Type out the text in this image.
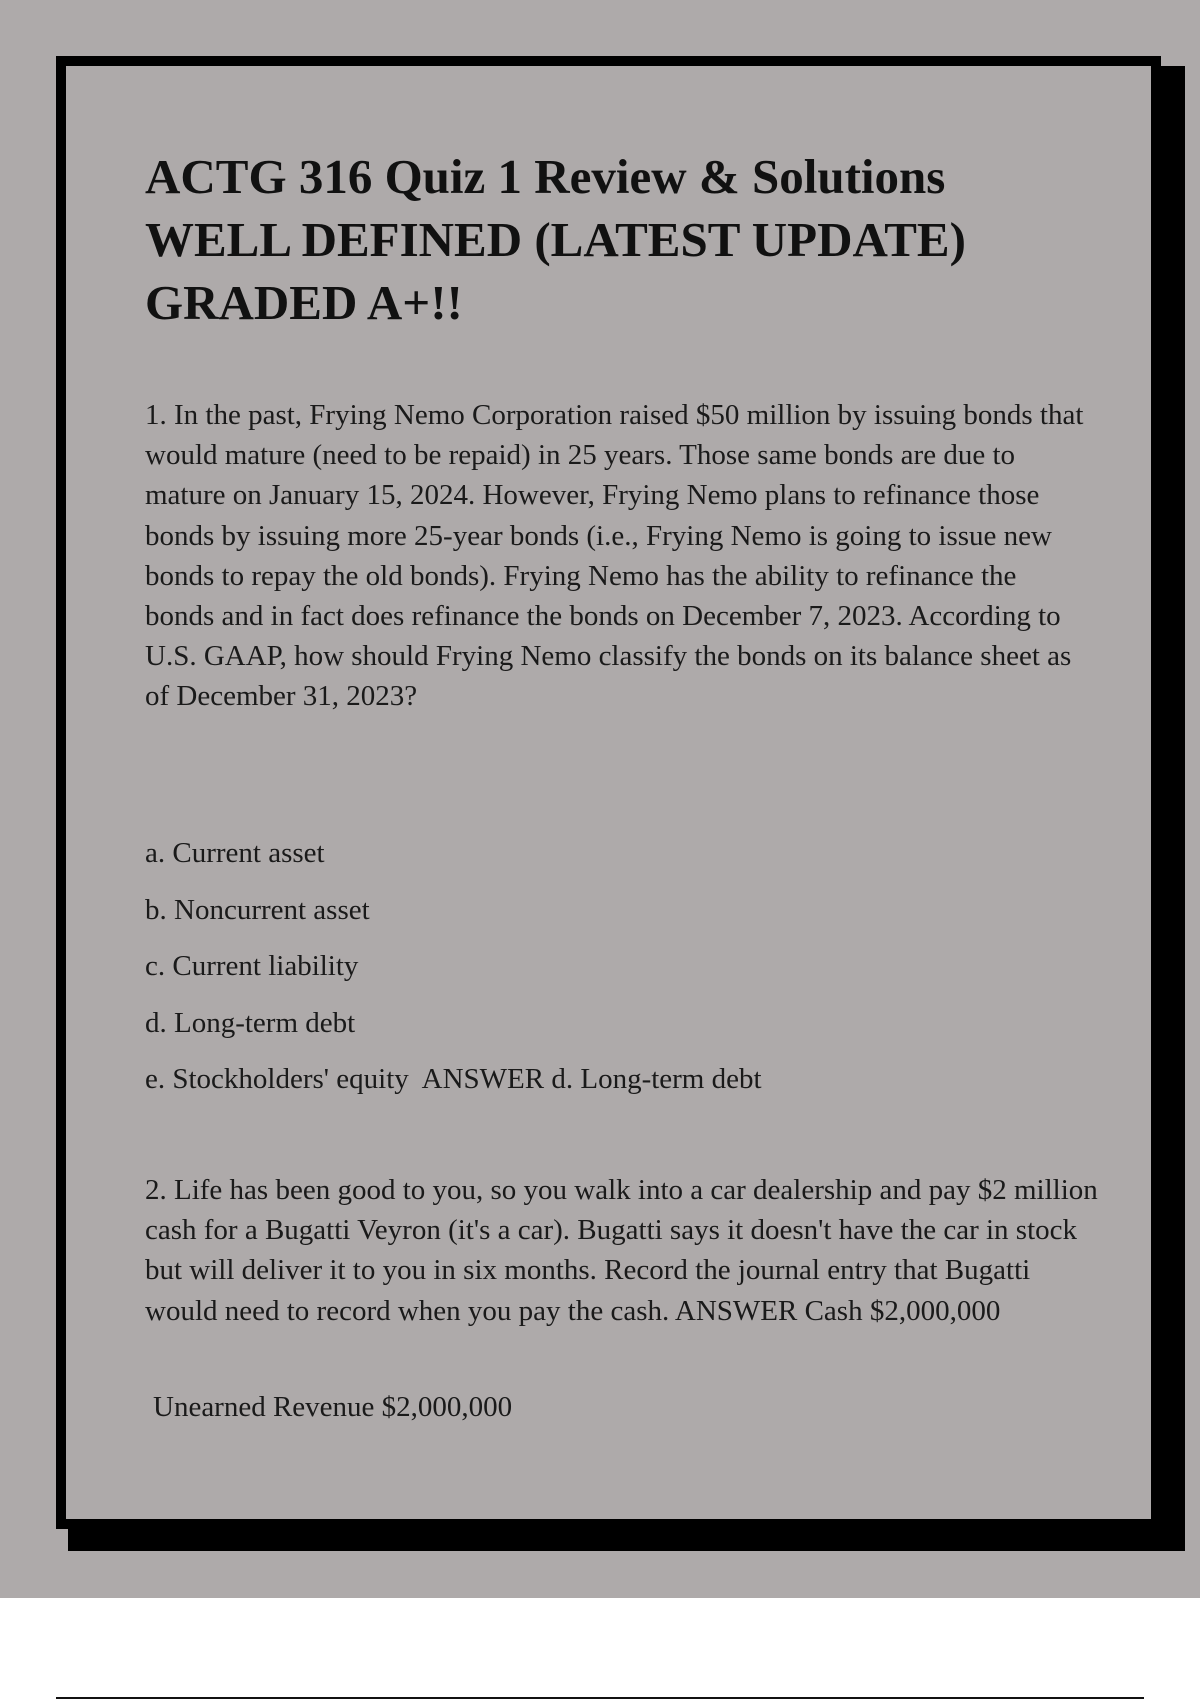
ACTG 316 Quiz 1 Review & Solutions
WELL DEFINED (LATEST UPDATE)
GRADED A+!!

1. In the past, Frying Nemo Corporation raised $50 million by issuing bonds that would mature (need to be repaid) in 25 years. Those same bonds are due to mature on January 15, 2024. However, Frying Nemo plans to refinance those bonds by issuing more 25-year bonds (i.e., Frying Nemo is going to issue new bonds to repay the old bonds). Frying Nemo has the ability to refinance the bonds and in fact does refinance the bonds on December 7, 2023. According to U.S. GAAP, how should Frying Nemo classify the bonds on its balance sheet as of December 31, 2023?

a. Current asset
b. Noncurrent asset
c. Current liability
d. Long-term debt
e. Stockholders' equity  ANSWER d. Long-term debt

2. Life has been good to you, so you walk into a car dealership and pay $2 million cash for a Bugatti Veyron (it's a car). Bugatti says it doesn't have the car in stock but will deliver it to you in six months. Record the journal entry that Bugatti would need to record when you pay the cash. ANSWER Cash $2,000,000

Unearned Revenue $2,000,000
